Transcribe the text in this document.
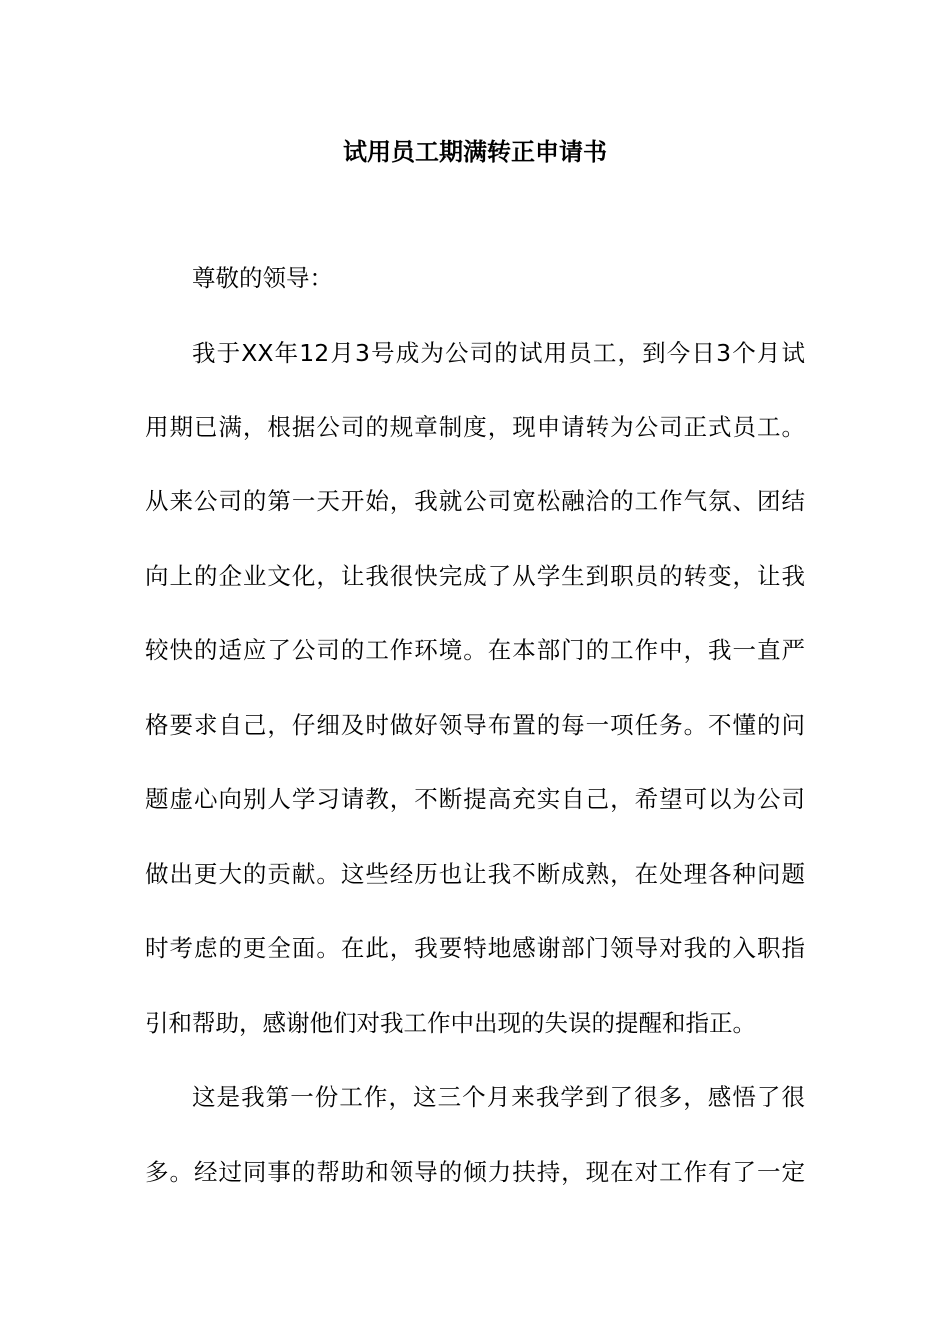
试用员工期满转正申请书
尊敬的领导：
我于XX年12月3号成为公司的试用员工，到今日3个月试
用期已满，根据公司的规章制度，现申请转为公司正式员工。
从来公司的第一天开始，我就公司宽松融洽的工作气氛、团结
向上的企业文化，让我很快完成了从学生到职员的转变，让我
较快的适应了公司的工作环境。在本部门的工作中，我一直严
格要求自己，仔细及时做好领导布置的每一项任务。不懂的问
题虚心向别人学习请教，不断提高充实自己，希望可以为公司
做出更大的贡献。这些经历也让我不断成熟，在处理各种问题
时考虑的更全面。在此，我要特地感谢部门领导对我的入职指
引和帮助，感谢他们对我工作中出现的失误的提醒和指正。
这是我第一份工作，这三个月来我学到了很多，感悟了很
多。经过同事的帮助和领导的倾力扶持，现在对工作有了一定
